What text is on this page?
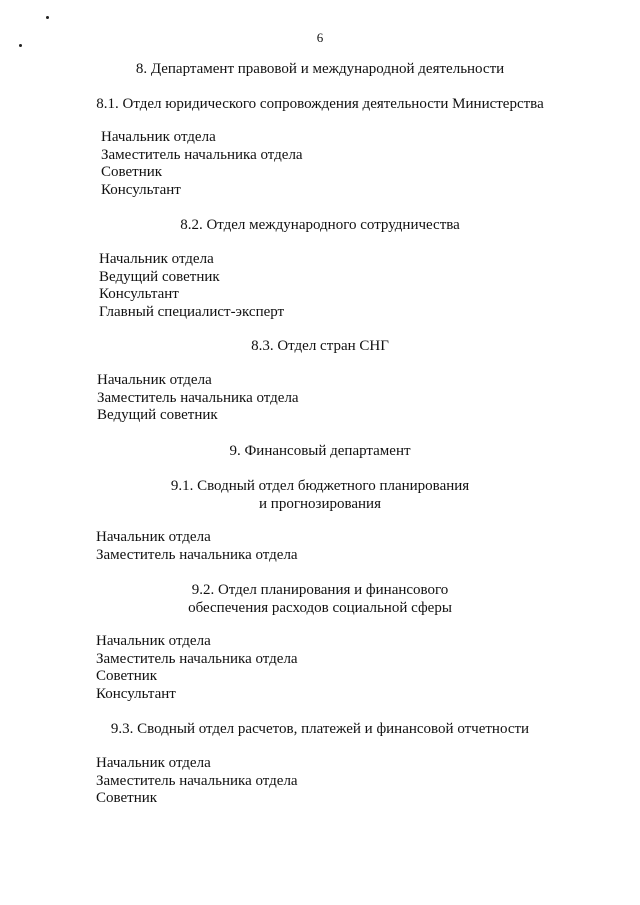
6
8. Департамент правовой и международной деятельности
8.1. Отдел юридического сопровождения деятельности Министерства
Начальник отдела
Заместитель начальника отдела
Советник
Консультант
8.2. Отдел международного сотрудничества
Начальник отдела
Ведущий советник
Консультант
Главный специалист-эксперт
8.3. Отдел стран СНГ
Начальник отдела
Заместитель начальника отдела
Ведущий советник
9. Финансовый департамент
9.1. Сводный отдел бюджетного планирования
и прогнозирования
Начальник отдела
Заместитель начальника отдела
9.2. Отдел планирования и финансового
обеспечения расходов социальной сферы
Начальник отдела
Заместитель начальника отдела
Советник
Консультант
9.3. Сводный отдел расчетов, платежей и финансовой отчетности
Начальник отдела
Заместитель начальника отдела
Советник
